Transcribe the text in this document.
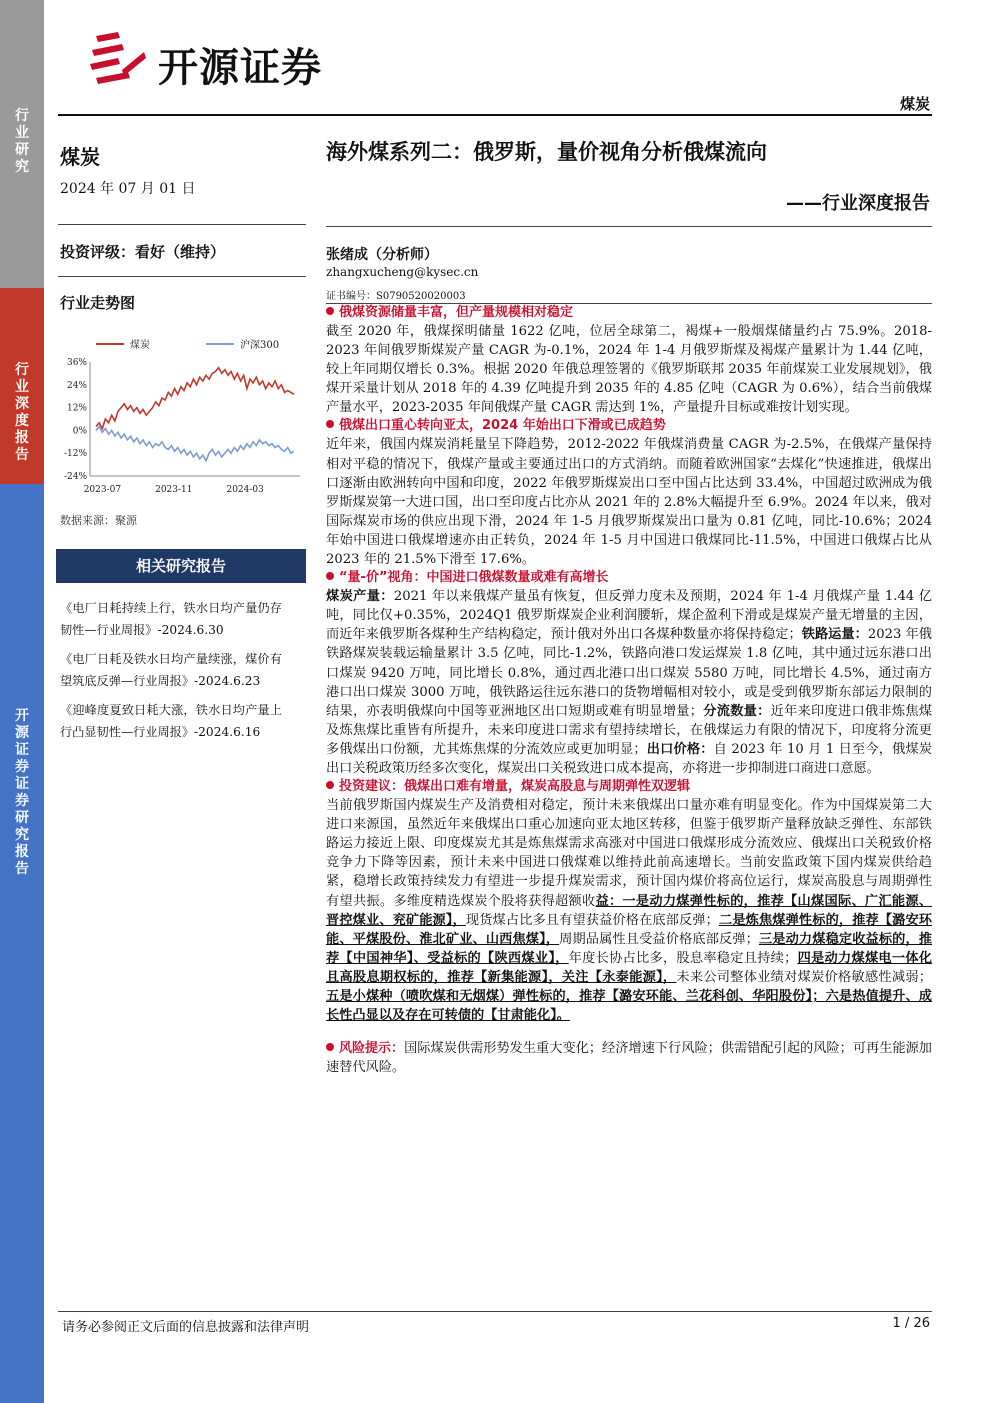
行业研究
行业深度报告
开源证券 证券研究报告
开源证券
煤炭
煤炭
2024 年 07 月 01 日
投资评级：看好（维持）
行业走势图
36%
24%
12%
0%
-12%
-24%
2023-07	2023-11	2024-03
煤炭	沪深300
数据来源：聚源
相关研究报告
《电厂日耗持续上行，铁水日均产量仍存韧性—行业周报》-2024.6.30
《电厂日耗及铁水日均产量续涨，煤价有望筑底反弹—行业周报》-2024.6.23
《迎峰度夏致日耗大涨，铁水日均产量上行凸显韧性—行业周报》-2024.6.16
海外煤系列二：俄罗斯，量价视角分析俄煤流向
——行业深度报告
张绪成（分析师）
zhangxucheng@kysec.cn
证书编号：S0790520020003
俄煤资源储量丰富，但产量规模相对稳定

截至 2020 年，俄煤探明储量 1622 亿吨，位居全球第二，褐煤+一般烟煤储量约占 75.9%。2018-2023 年间俄罗斯煤炭产量 CAGR 为-0.1%，2024 年 1-4 月俄罗斯煤及褐煤产量累计为 1.44 亿吨，较上年同期仅增长 0.3%。根据 2020 年俄总理签署的《俄罗斯联邦 2035 年前煤炭工业发展规划》，俄煤开采量计划从 2018 年的 4.39 亿吨提升到 2035 年的 4.85 亿吨（CAGR 为 0.6%），结合当前俄煤产量水平，2023-2035 年间俄煤产量 CAGR 需达到 1%，产量提升目标或难按计划实现。

俄煤出口重心转向亚太，2024 年始出口下滑或已成趋势

近年来，俄国内煤炭消耗量呈下降趋势，2012-2022 年俄煤消费量 CAGR 为-2.5%，在俄煤产量保持相对平稳的情况下，俄煤产量或主要通过出口的方式消纳。而随着欧洲国家“去煤化”快速推进，俄煤出口逐渐由欧洲转向中国和印度，2022 年俄罗斯煤炭出口至中国占比达到 33.4%，中国超过欧洲成为俄罗斯煤炭第一大进口国，出口至印度占比亦从 2021 年的 2.8%大幅提升至 6.9%。2024 年以来，俄对国际煤炭市场的供应出现下滑，2024 年 1-5 月俄罗斯煤炭出口量为 0.81 亿吨，同比-10.6%；2024 年始中国进口俄煤增速亦由正转负，2024 年 1-5 月中国进口俄煤同比-11.5%，中国进口俄煤占比从 2023 年的 21.5%下滑至 17.6%。

“量-价”视角：中国进口俄煤数量或难有高增长

煤炭产量：2021 年以来俄煤产量虽有恢复，但反弹力度未及预期，2024 年 1-4 月俄煤产量 1.44 亿吨，同比仅+0.35%，2024Q1 俄罗斯煤炭企业利润腰斩，煤企盈利下滑或是煤炭产量无增量的主因，而近年来俄罗斯各煤种生产结构稳定，预计俄对外出口各煤种数量亦将保持稳定；铁路运量：2023 年俄铁路煤炭装载运输量累计 3.5 亿吨，同比-1.2%，铁路向港口发运煤炭 1.8 亿吨，其中通过远东港口出口煤炭 9420 万吨，同比增长 0.8%，通过西北港口出口煤炭 5580 万吨，同比增长 4.5%，通过南方港口出口煤炭 3000 万吨，俄铁路运往远东港口的货物增幅相对较小，或是受到俄罗斯东部运力限制的结果，亦表明俄煤向中国等亚洲地区出口短期或难有明显增量；分流数量：近年来印度进口俄非炼焦煤及炼焦煤比重皆有所提升，未来印度进口需求有望持续增长，在俄煤运力有限的情况下，印度将分流更多俄煤出口份额，尤其炼焦煤的分流效应或更加明显；出口价格：自 2023 年 10 月 1 日至今，俄煤炭出口关税政策历经多次变化，煤炭出口关税致进口成本提高，亦将进一步抑制进口商进口意愿。

投资建议：俄煤出口难有增量，煤炭高股息与周期弹性双逻辑

当前俄罗斯国内煤炭生产及消费相对稳定，预计未来俄煤出口量亦难有明显变化。作为中国煤炭第二大进口来源国，虽然近年来俄煤出口重心加速向亚太地区转移，但鉴于俄罗斯产量释放缺乏弹性、东部铁路运力接近上限、印度煤炭尤其是炼焦煤需求高涨对中国进口俄煤形成分流效应、俄煤出口关税致价格竞争力下降等因素，预计未来中国进口俄煤难以维持此前高速增长。当前安监政策下国内煤炭供给趋紧，稳增长政策持续发力有望进一步提升煤炭需求，预计国内煤价将高位运行，煤炭高股息与周期弹性有望共振。多维度精选煤炭个股将获得超额收益：一是动力煤弹性标的，推荐【山煤国际、广汇能源、晋控煤业、兖矿能源】，现货煤占比多且有望获益价格在底部反弹；二是炼焦煤弹性标的，推荐【潞安环能、平煤股份、淮北矿业、山西焦煤】，周期品属性且受益价格底部反弹；三是动力煤稳定收益标的，推荐【中国神华】、受益标的【陕西煤业】，年度长协占比多，股息率稳定且持续；四是动力煤煤电一体化且高股息期权标的，推荐【新集能源】，关注【永泰能源】，未来公司整体业绩对煤炭价格敏感性减弱；五是小煤种（喷吹煤和无烟煤）弹性标的，推荐【潞安环能、兰花科创、华阳股份】；六是热值提升、成长性凸显以及存在可转债的【甘肃能化】。

风险提示：国际煤炭供需形势发生重大变化；经济增速下行风险；供需错配引起的风险；可再生能源加速替代风险。
请务必参阅正文后面的信息披露和法律声明	1 / 26
